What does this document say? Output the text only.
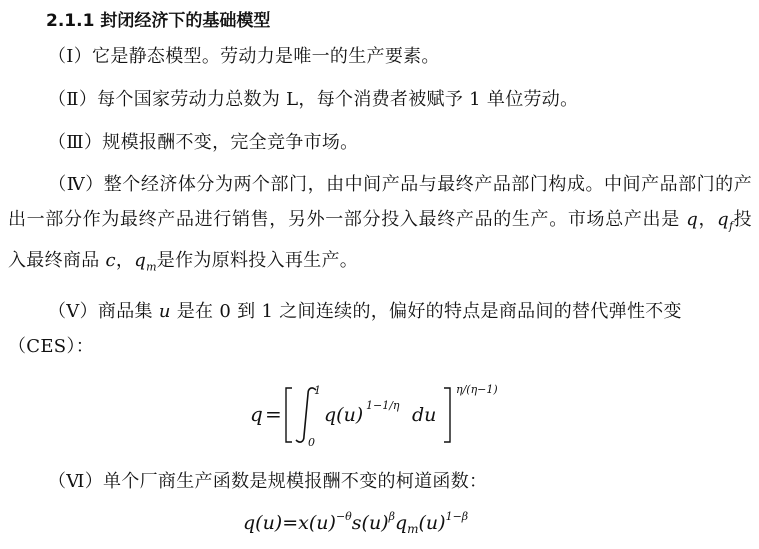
2.1.1 封闭经济下的基础模型
（Ⅰ）它是静态模型。劳动力是唯一的生产要素。
（Ⅱ）每个国家劳动力总数为 L，每个消费者被赋予 1 单位劳动。
（Ⅲ）规模报酬不变，完全竞争市场。
（Ⅳ）整个经济体分为两个部门，由中间产品与最终产品部门构成。中间产品部门的产出一部分作为最终产品进行销售，另外一部分投入最终产品的生产。市场总产出是 q，$q_f$投入最终商品 c，$q_m$是作为原料投入再生产。
（Ⅴ）商品集 u 是在 0 到 1 之间连续的，偏好的特点是商品间的替代弹性不变（CES）：
q =
1
0
q(u) 1−1/η du
η/(η−1)
（Ⅵ）单个厂商生产函数是规模报酬不变的柯道函数：
$q(u)=x(u)^{-\theta}s(u)^\beta q_m(u)^{1-\beta}$
